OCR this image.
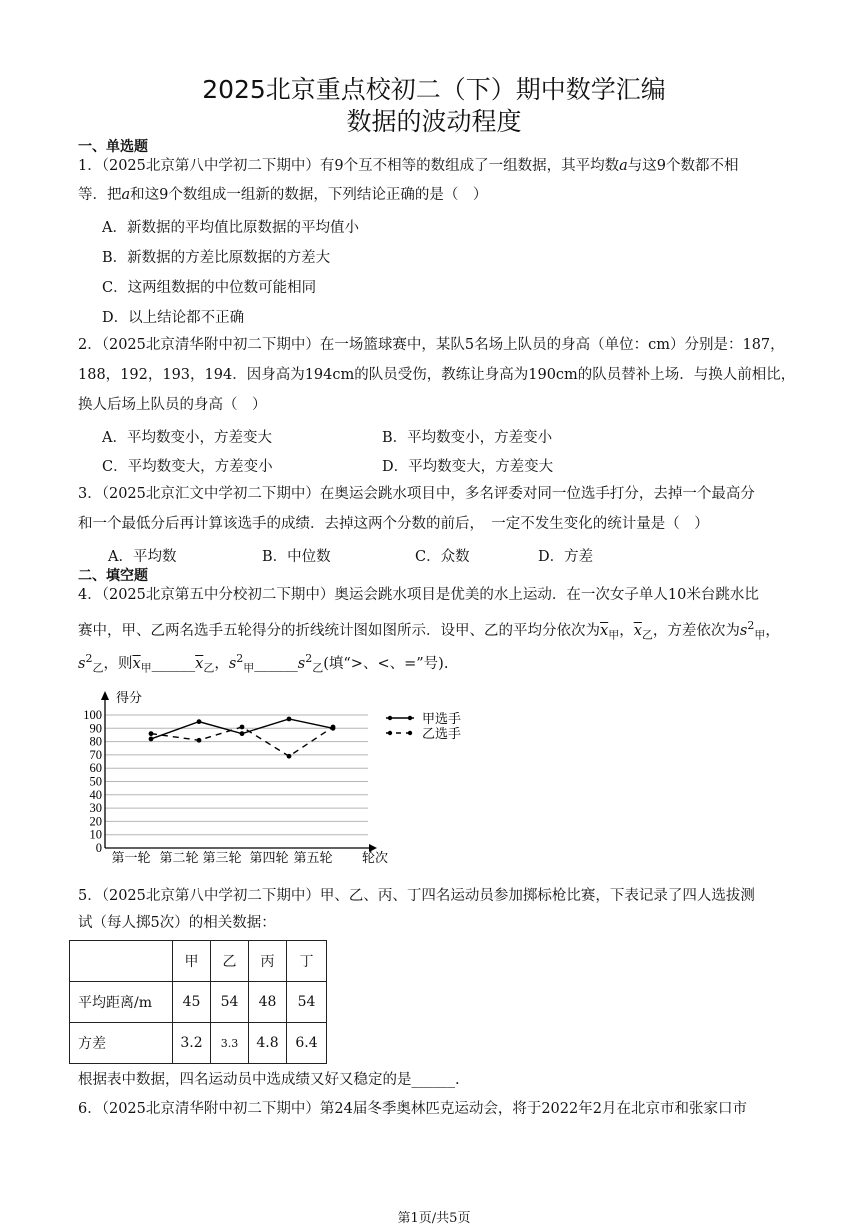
2025北京重点校初二（下）期中数学汇编
数据的波动程度
一、单选题
1．（2025北京第八中学初二下期中）有9个互不相等的数组成了一组数据，其平均数a与这9个数都不相
等．把a和这9个数组成一组新的数据，下列结论正确的是（　）
A．新数据的平均值比原数据的平均值小
B．新数据的方差比原数据的方差大
C．这两组数据的中位数可能相同
D．以上结论都不正确
2．（2025北京清华附中初二下期中）在一场篮球赛中，某队5名场上队员的身高（单位：cm）分别是：187，
188，192，193，194．因身高为194cm的队员受伤，教练让身高为190cm的队员替补上场．与换人前相比，
换人后场上队员的身高（　）
A．平均数变小，方差变大	B．平均数变小，方差变小
C．平均数变大，方差变小	D．平均数变大，方差变大
3．（2025北京汇文中学初二下期中）在奥运会跳水项目中，多名评委对同一位选手打分，去掉一个最高分
和一个最低分后再计算该选手的成绩．去掉这两个分数的前后，　一定不发生变化的统计量是（　）
A．平均数	B．中位数	C．众数	D．方差
二、填空题
4．（2025北京第五中分校初二下期中）奥运会跳水项目是优美的水上运动．在一次女子单人10米台跳水比
赛中，甲、乙两名选手五轮得分的折线统计图如图所示．设甲、乙的平均分依次为$\overline{x}_甲$，$\overline{x}_乙$，方差依次为$s^2_甲$，
$s^2_乙$，则$\overline{x}_甲\_\_\_\_\_\_\overline{x}_乙$，$s^2_甲\_\_\_\_\_\_s^2_乙$(填“>、<、=”号).
0
10
20
30
40
50
60
70
80
90
100
得分
轮次
第一轮 第二轮 第三轮 第四轮 第五轮
甲选手
乙选手
5．（2025北京第八中学初二下期中）甲、乙、丙、丁四名运动员参加掷标枪比赛，下表记录了四人选拔测
试（每人掷5次）的相关数据：
	甲	乙	丙	丁
平均距离/m	45	54	48	54
方差	3.2	3.3	4.8	6.4
根据表中数据，四名运动员中选成绩又好又稳定的是______.
6．（2025北京清华附中初二下期中）第24届冬季奥林匹克运动会，将于2022年2月在北京市和张家口市
第1页/共5页
